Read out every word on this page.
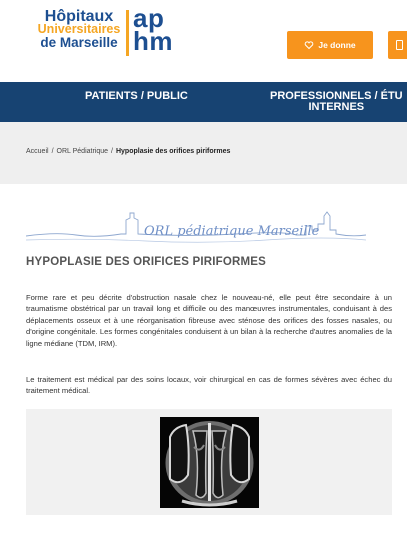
Hôpitaux
Universitaires
de Marseille
ap
hm	Je donne
PATIENTS / PUBLIC	PROFESSIONNELS / ÉTU
INTERNES
Accueil / ORL Pédiatrique / Hypoplasie des orifices piriformes
ORL pédiatrique Marseille
HYPOPLASIE DES ORIFICES PIRIFORMES

Forme rare et peu décrite d'obstruction nasale chez le nouveau-né, elle peut être secondaire à un traumatisme obstétrical par un travail long et difficile ou des manœuvres instrumentales, conduisant à des déplacements osseux et à une réorganisation fibreuse avec sténose des orifices des fosses nasales, ou d'origine congénitale. Les formes congénitales conduisent à un bilan à la recherche d'autres anomalies de la ligne médiane (TDM, IRM).

Le traitement est médical par des soins locaux, voir chirurgical en cas de formes sévères avec échec du traitement médical.
